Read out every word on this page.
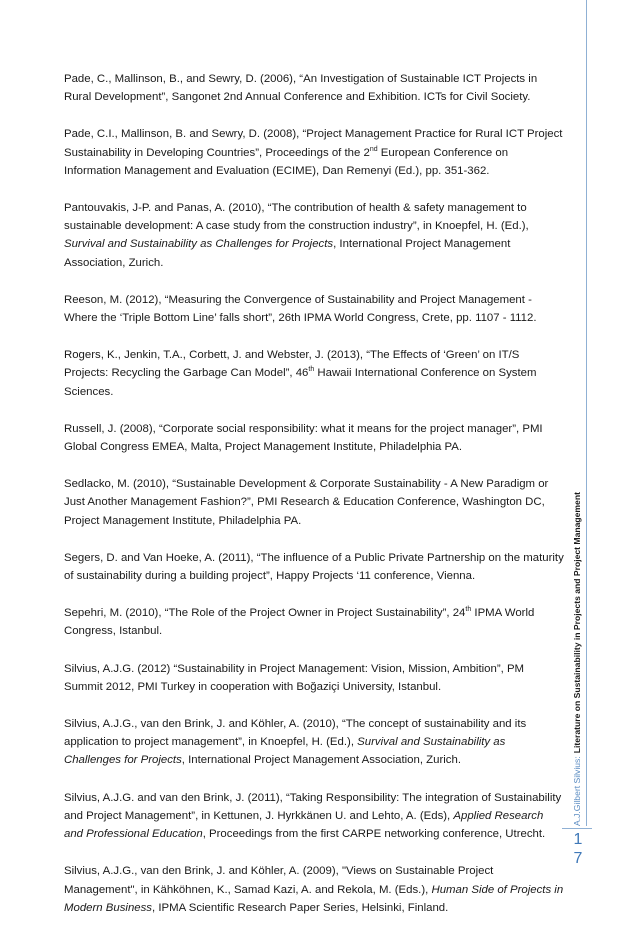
Pade, C., Mallinson, B., and Sewry, D. (2006), “An Investigation of Sustainable ICT Projects in Rural Development”, Sangonet 2nd Annual Conference and Exhibition. ICTs for Civil Society.

Pade, C.I., Mallinson, B. and Sewry, D. (2008), “Project Management Practice for Rural ICT Project Sustainability in Developing Countries”, Proceedings of the 2nd European Conference on Information Management and Evaluation (ECIME), Dan Remenyi (Ed.), pp. 351-362.

Pantouvakis, J-P. and Panas, A. (2010), “The contribution of health & safety management to sustainable development: A case study from the construction industry”, in Knoepfel, H. (Ed.), Survival and Sustainability as Challenges for Projects, International Project Management Association, Zurich.

Reeson, M. (2012), “Measuring the Convergence of Sustainability and Project Management - Where the ‘Triple Bottom Line’ falls short”, 26th IPMA World Congress, Crete, pp. 1107 - 1112.

Rogers, K., Jenkin, T.A., Corbett, J. and Webster, J. (2013), “The Effects of ‘Green’ on IT/S Projects: Recycling the Garbage Can Model”, 46th Hawaii International Conference on System Sciences.

Russell, J. (2008), “Corporate social responsibility: what it means for the project manager”, PMI Global Congress EMEA, Malta, Project Management Institute, Philadelphia PA.

Sedlacko, M. (2010), “Sustainable Development & Corporate Sustainability - A New Paradigm or Just Another Management Fashion?”, PMI Research & Education Conference, Washington DC, Project Management Institute, Philadelphia PA.

Segers, D. and Van Hoeke, A. (2011), “The influence of a Public Private Partnership on the maturity of sustainability during a building project”, Happy Projects ‘11 conference, Vienna.

Sepehri, M. (2010), “The Role of the Project Owner in Project Sustainability”, 24th IPMA World Congress, Istanbul.

Silvius, A.J.G. (2012) “Sustainability in Project Management: Vision, Mission, Ambition”, PM Summit 2012, PMI Turkey in cooperation with Boğaziçi University, Istanbul.

Silvius, A.J.G., van den Brink, J. and Köhler, A. (2010), “The concept of sustainability and its application to project management”, in Knoepfel, H. (Ed.), Survival and Sustainability as Challenges for Projects, International Project Management Association, Zurich.

Silvius, A.J.G. and van den Brink, J. (2011), “Taking Responsibility: The integration of Sustainability and Project Management”, in Kettunen, J. Hyrkkänen U. and Lehto, A. (Eds), Applied Research and Professional Education, Proceedings from the first CARPE networking conference, Utrecht.

Silvius, A.J.G., van den Brink, J. and Köhler, A. (2009), "Views on Sustainable Project Management", in Kähköhnen, K., Samad Kazi, A. and Rekola, M. (Eds.), Human Side of Projects in Modern Business, IPMA Scientific Research Paper Series, Helsinki, Finland.

A.J.Gilbert Silvius:Literature on Sustainability in Projects and Project Management
1
7
